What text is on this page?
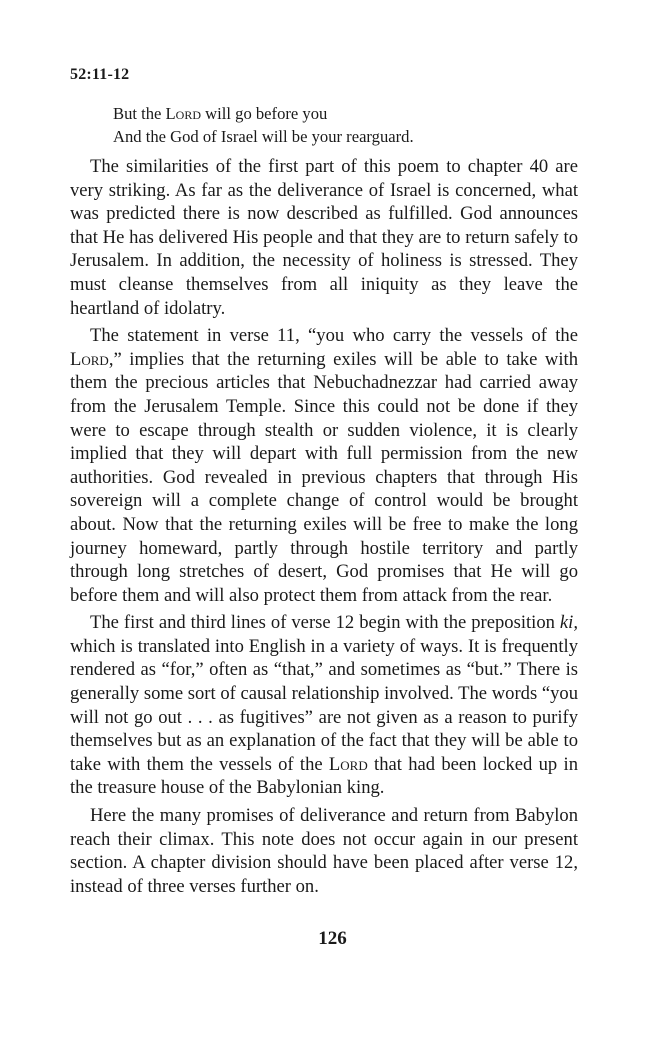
52:11-12
But the Lord will go before you
And the God of Israel will be your rearguard.

The similarities of the first part of this poem to chapter 40 are very striking. As far as the deliverance of Israel is concerned, what was predicted there is now described as fulfilled. God announces that He has delivered His people and that they are to return safely to Jerusalem. In addition, the necessity of holiness is stressed. They must cleanse themselves from all iniquity as they leave the heartland of idolatry.

The statement in verse 11, “you who carry the vessels of the Lord,” implies that the returning exiles will be able to take with them the precious articles that Nebuchadnezzar had carried away from the Jerusalem Temple. Since this could not be done if they were to escape through stealth or sudden violence, it is clearly implied that they will depart with full permission from the new authorities. God revealed in previous chapters that through His sovereign will a complete change of control would be brought about. Now that the returning exiles will be free to make the long journey homeward, partly through hostile territory and partly through long stretches of desert, God promises that He will go before them and will also protect them from attack from the rear.

The first and third lines of verse 12 begin with the preposition ki, which is translated into English in a variety of ways. It is frequently rendered as “for,” often as “that,” and sometimes as “but.” There is generally some sort of causal relationship involved. The words “you will not go out . . . as fugitives” are not given as a reason to purify themselves but as an explanation of the fact that they will be able to take with them the vessels of the Lord that had been locked up in the treasure house of the Babylonian king.

Here the many promises of deliverance and return from Babylon reach their climax. This note does not occur again in our present section. A chapter division should have been placed after verse 12, instead of three verses further on.

126
